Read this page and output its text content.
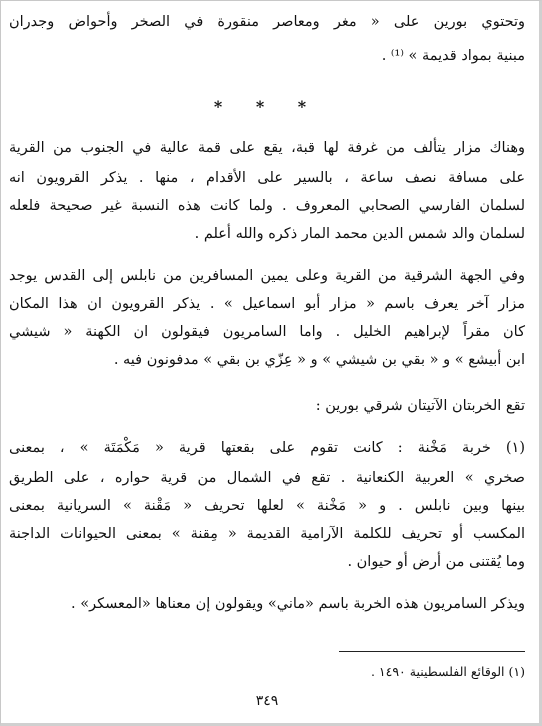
وتحتوي بورين على « مغر ومعاصر منقورة في الصخر وأحواض وجدران
مبنية بمواد قديمة » ⁽¹⁾ .
* * *
وهناك مزار يتألف من غرفة لها قبة، يقع على قمة عالية في الجنوب من القرية
على مسافة نصف ساعة ، بالسير على الأقدام ، منها . يذكر القرويون انه
لسلمان الفارسي الصحابي المعروف . ولما كانت هذه النسبة غير صحيحة فلعله
لسلمان والد شمس الدين محمد المار ذكره والله أعلم .
وفي الجهة الشرقية من القرية وعلى يمين المسافرين من نابلس إلى القدس يوجد
مزار آخر يعرف باسم « مزار أبو اسماعيل » . يذكر القرويون ان هذا المكان
كان مقراً لإبراهيم الخليل . واما السامريون فيقولون ان الكهنة « شيشي
ابن أبيشع » و « بقي بن شيشي » و « عِزّي بن بقي » مدفونون فيه .
تقع الخربتان الآتيتان شرقي بورين :
(١) خربة مَخْنة : كانت تقوم على بقعتها قرية « مَكْمَتَة » ، بمعنى
صخري » العربية الكنعانية . تقع في الشمال من قرية حواره ، على الطريق
بينها وبين نابلس . و « مَخْنة » لعلها تحريف « مَقْنة » السريانية بمعنى
المكسب أو تحريف للكلمة الآرامية القديمة « مِقنة » بمعنى الحيوانات الداجنة
وما يُقتنى من أرض أو حيوان .
ويذكر السامريون هذه الخربة باسم «ماني» ويقولون إن معناها «المعسكر» .
(١) الوقائع الفلسطينية ١٤٩٠ .
٣٤٩
